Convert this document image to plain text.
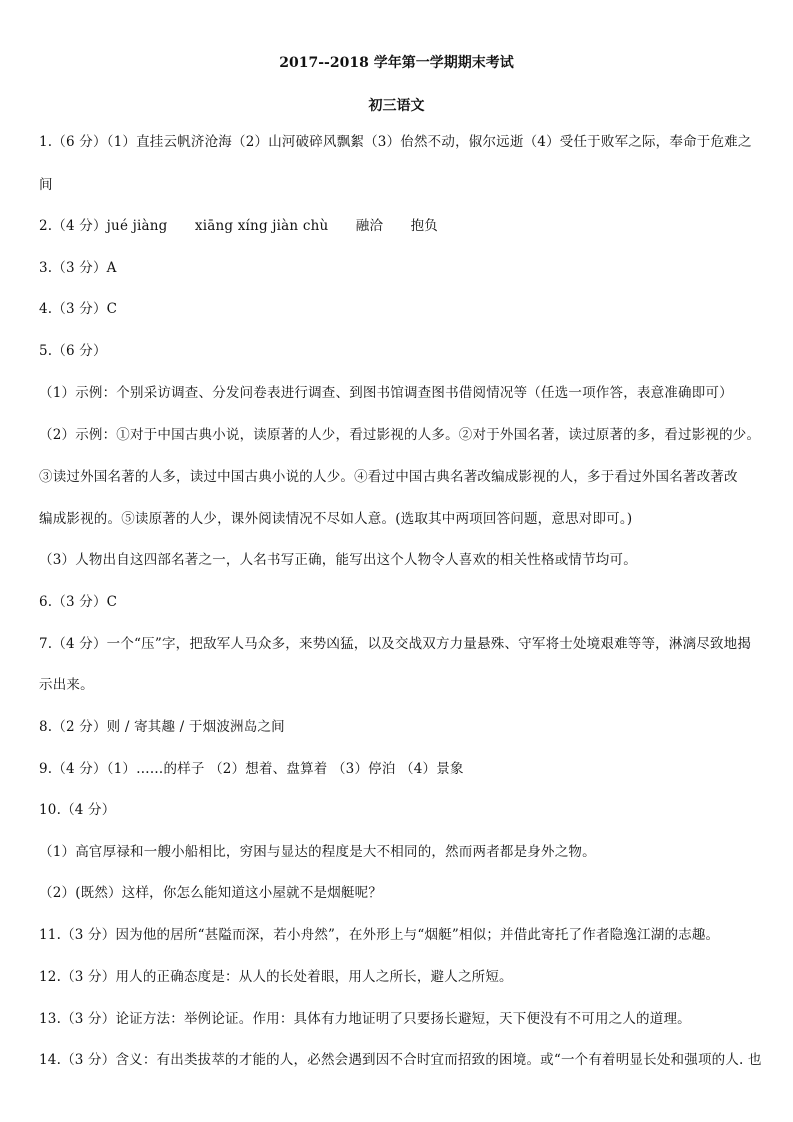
2017--2018 学年第一学期期末考试
初三语文
1.（6 分）（1）直挂云帆济沧海（2）山河破碎风飘絮（3）佁然不动，俶尔远逝（4）受任于败军之际，奉命于危难之
间
2.（4 分）jué jiàng　　xiāng xíng jiàn chù　　融洽　　抱负
3.（3 分）A
4.（3 分）C
5.（6 分）
（1）示例：个别采访调查、分发问卷表进行调查、到图书馆调查图书借阅情况等（任选一项作答，表意准确即可）
（2）示例：①对于中国古典小说，读原著的人少，看过影视的人多。②对于外国名著，读过原著的多，看过影视的少。
③读过外国名著的人多，读过中国古典小说的人少。④看过中国古典名著改编成影视的人，多于看过外国名著改著改
编成影视的。⑤读原著的人少，课外阅读情况不尽如人意。(选取其中两项回答问题，意思对即可。)
（3）人物出自这四部名著之一，人名书写正确，能写出这个人物令人喜欢的相关性格或情节均可。
6.（3 分）C
7.（4 分）一个“压”字，把敌军人马众多，来势凶猛，以及交战双方力量悬殊、守军将士处境艰难等等，淋漓尽致地揭
示出来。
8.（2 分）则 / 寄其趣 / 于烟波洲岛之间
9.（4 分）（1）……的样子 （2）想着、盘算着 （3）停泊 （4）景象
10.（4 分）
（1）高官厚禄和一艘小船相比，穷困与显达的程度是大不相同的，然而两者都是身外之物。
（2）(既然）这样，你怎么能知道这小屋就不是烟艇呢？
11.（3 分）因为他的居所“甚隘而深，若小舟然”，在外形上与“烟艇”相似；并借此寄托了作者隐逸江湖的志趣。
12.（3 分）用人的正确态度是：从人的长处着眼，用人之所长，避人之所短。
13.（3 分）论证方法：举例论证。作用：具体有力地证明了只要扬长避短，天下便没有不可用之人的道理。
14.（3 分）含义：有出类拔萃的才能的人，必然会遇到因不合时宜而招致的困境。或“一个有着明显长处和强项的人. 也
